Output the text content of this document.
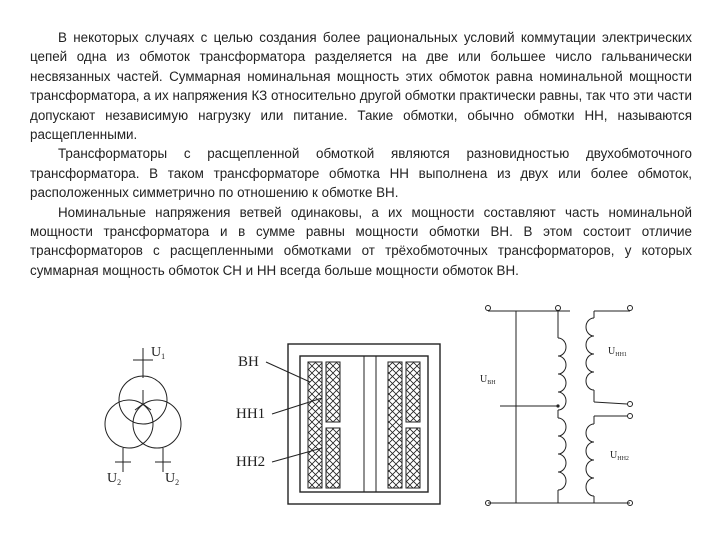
В некоторых случаях с целью создания более рациональных условий коммутации электрических цепей одна из обмоток трансформатора разделяется на две или большее число гальванически несвязанных частей. Суммарная номинальная мощность этих обмоток равна номинальной мощности трансформатора, а их напряжения КЗ относительно другой обмотки практически равны, так что эти части допускают независимую нагрузку или питание. Такие обмотки, обычно обмотки НН, называются расщепленными.

Трансформаторы с расщепленной обмоткой являются разновидностью двухобмоточного трансформатора. В таком трансформаторе обмотка НН выполнена из двух или более обмоток, расположенных симметрично по отношению к обмотке ВН.

Номинальные напряжения ветвей одинаковы, а их мощности составляют часть номинальной мощности трансформатора и в сумме равны мощности обмотки ВН. В этом состоит отличие трансформаторов с расщепленными обмотками от трёхобмоточных трансформаторов, у которых суммарная мощность обмоток СН и НН всегда больше мощности обмоток ВН.

$U_1$
$U_2$	$U_2$
ВН
НН1
НН2
$U_{ВН}$
$U_{НН1}$
$U_{НН2}$
